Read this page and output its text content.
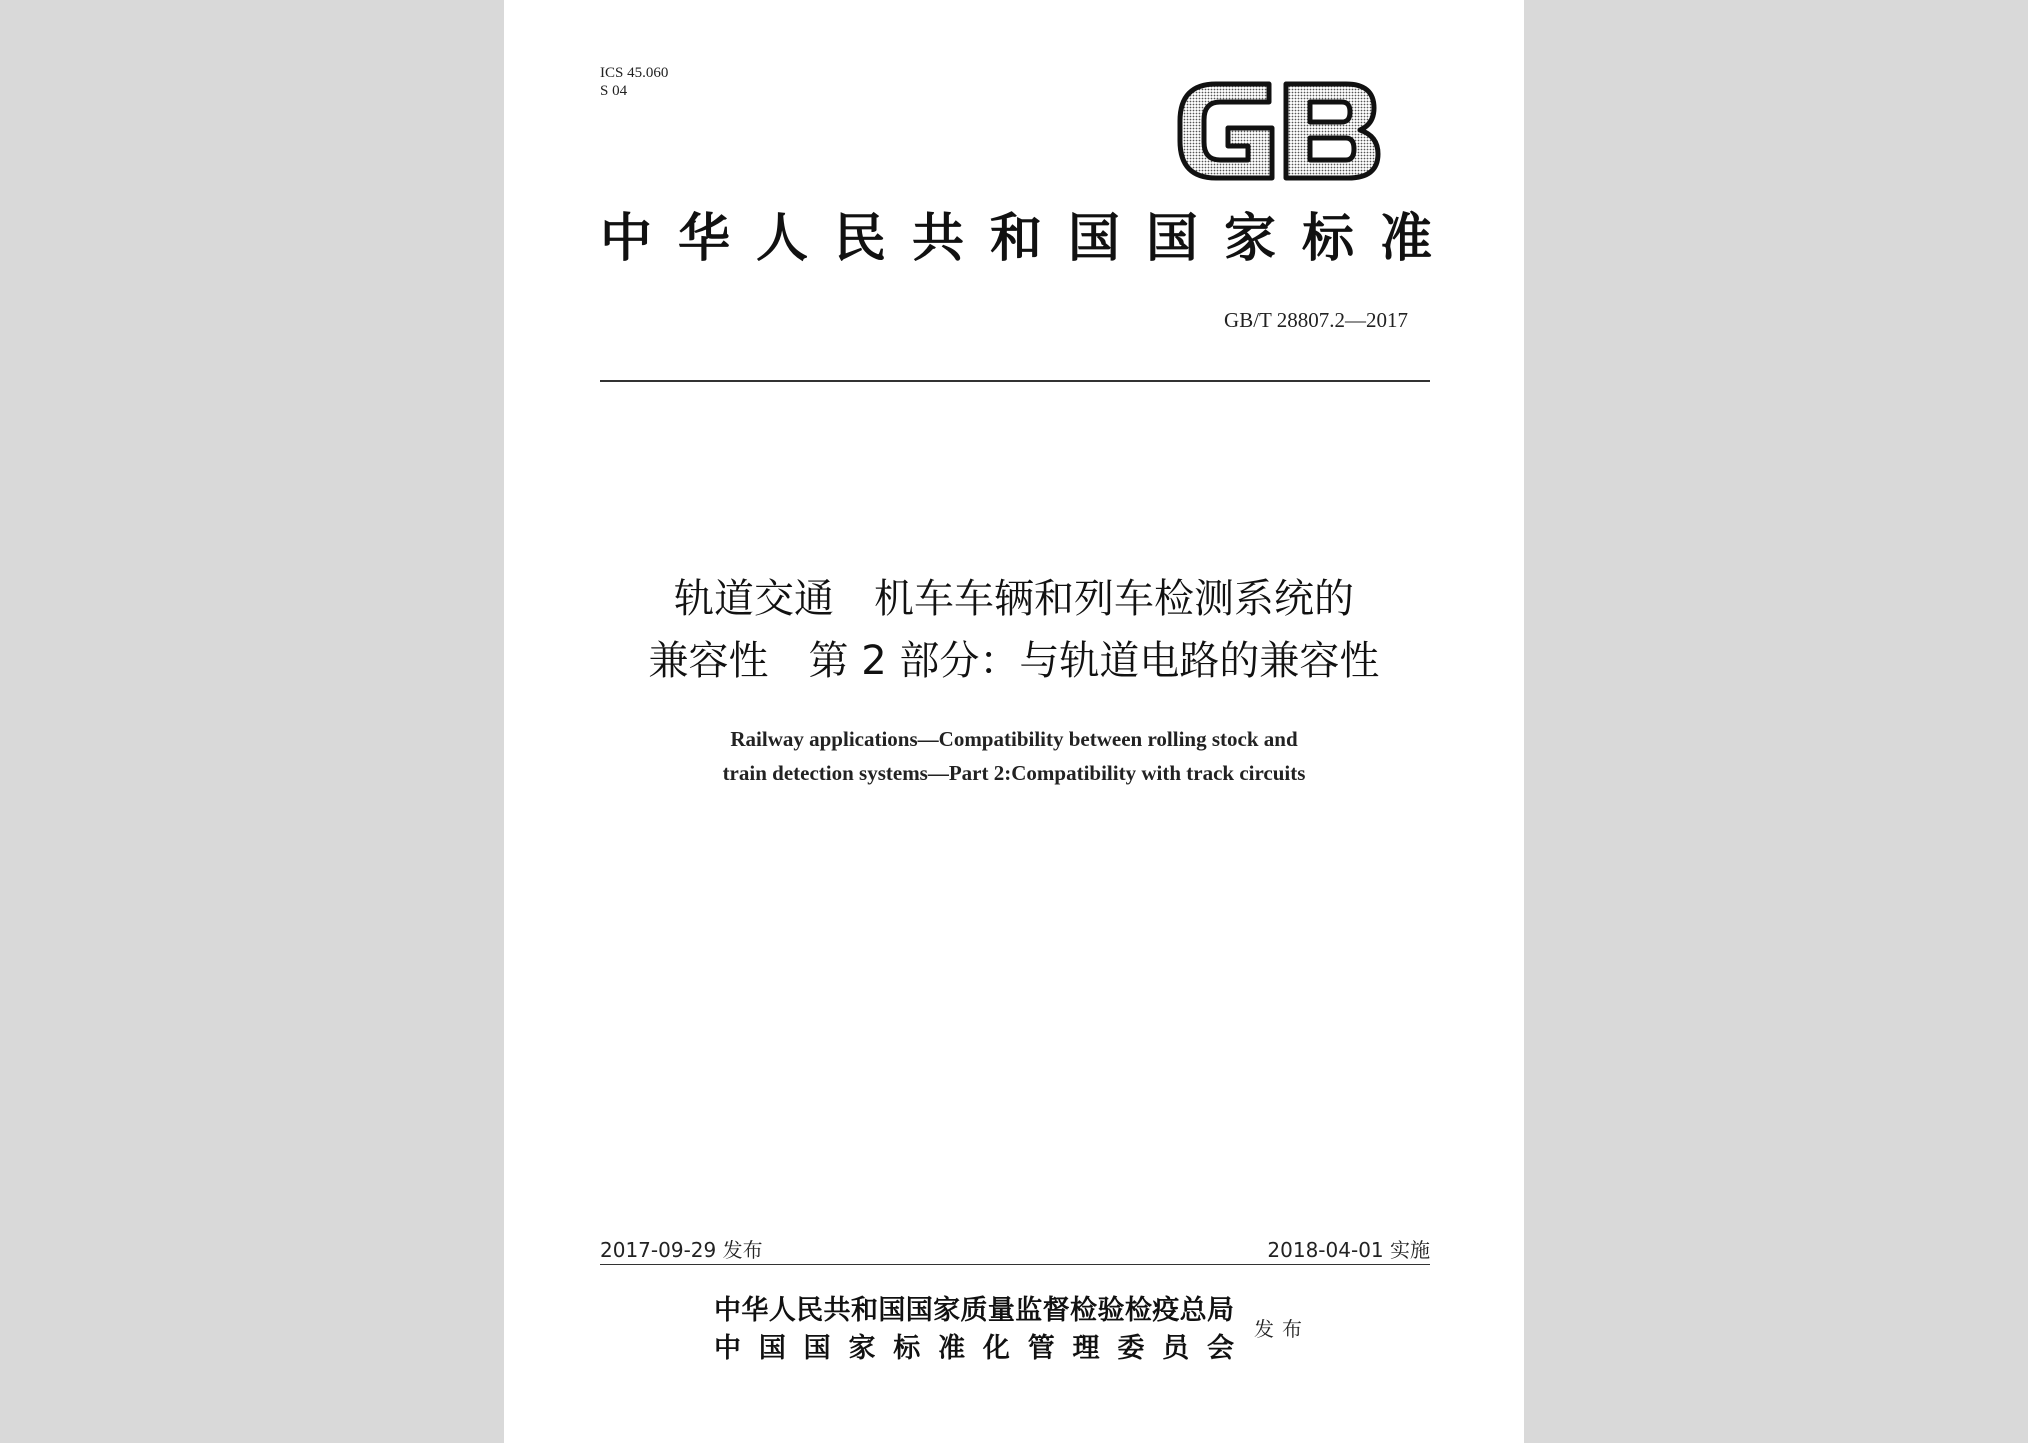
ICS 45.060
S 04
中华人民共和国国家标准
GB/T 28807.2—2017
轨道交通　机车车辆和列车检测系统的
兼容性　第 2 部分：与轨道电路的兼容性
Railway applications—Compatibility between rolling stock and
train detection systems—Part 2:Compatibility with track circuits
2017-09-29 发布	2018-04-01 实施
中华人民共和国国家质量监督检验检疫总局
中国国家标准化管理委员会
发布
